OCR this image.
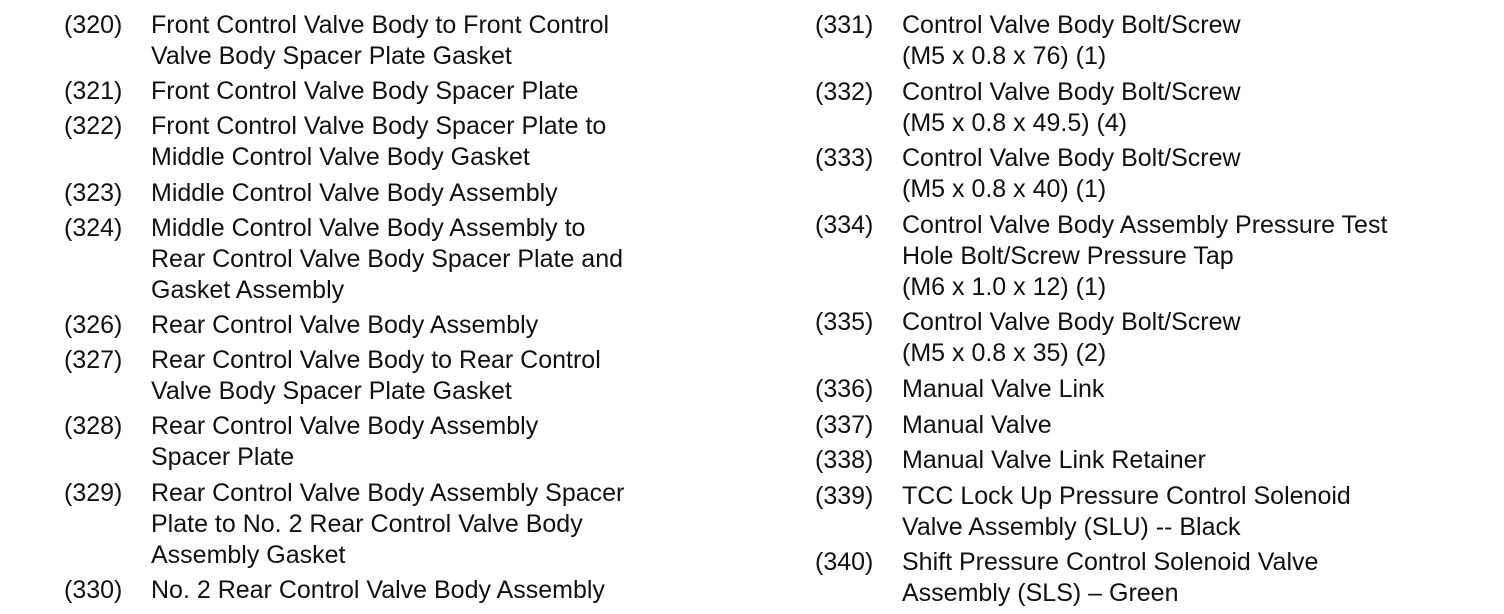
(320)	Front Control Valve Body to Front Control
Valve Body Spacer Plate Gasket
(321)	Front Control Valve Body Spacer Plate
(322)	Front Control Valve Body Spacer Plate to
Middle Control Valve Body Gasket
(323)	Middle Control Valve Body Assembly
(324)	Middle Control Valve Body Assembly to
Rear Control Valve Body Spacer Plate and
Gasket Assembly
(326)	Rear Control Valve Body Assembly
(327)	Rear Control Valve Body to Rear Control
Valve Body Spacer Plate Gasket
(328)	Rear Control Valve Body Assembly
Spacer Plate
(329)	Rear Control Valve Body Assembly Spacer
Plate to No. 2 Rear Control Valve Body
Assembly Gasket
(330)	No. 2 Rear Control Valve Body Assembly
(331)	Control Valve Body Bolt/Screw
(M5 x 0.8 x 76) (1)
(332)	Control Valve Body Bolt/Screw
(M5 x 0.8 x 49.5) (4)
(333)	Control Valve Body Bolt/Screw
(M5 x 0.8 x 40) (1)
(334)	Control Valve Body Assembly Pressure Test
Hole Bolt/Screw Pressure Tap
(M6 x 1.0 x 12) (1)
(335)	Control Valve Body Bolt/Screw
(M5 x 0.8 x 35) (2)
(336)	Manual Valve Link
(337)	Manual Valve
(338)	Manual Valve Link Retainer
(339)	TCC Lock Up Pressure Control Solenoid
Valve Assembly (SLU) -- Black
(340)	Shift Pressure Control Solenoid Valve
Assembly (SLS) – Green
